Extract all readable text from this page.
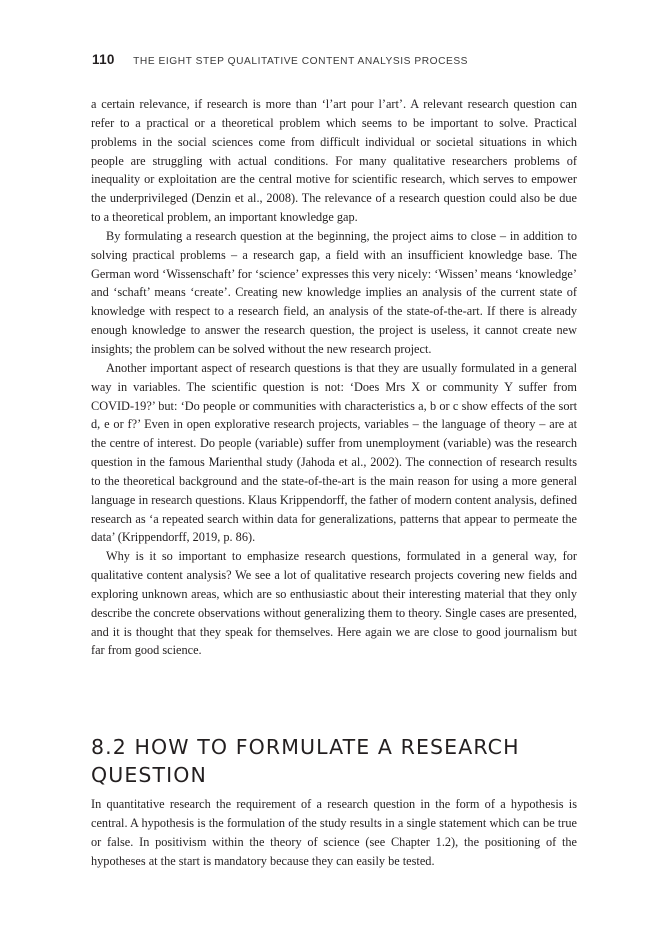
110 THE EIGHT STEP QUALITATIVE CONTENT ANALYSIS PROCESS

a certain relevance, if research is more than ‘l’art pour l’art’. A relevant research question can refer to a practical or a theoretical problem which seems to be important to solve. Practical problems in the social sciences come from difficult individual or societal situations in which people are struggling with actual conditions. For many qualitative researchers problems of inequality or exploitation are the central motive for scientific research, which serves to empower the underprivileged (Denzin et al., 2008). The relevance of a research question could also be due to a theoretical problem, an important knowledge gap.

By formulating a research question at the beginning, the project aims to close – in addition to solving practical problems – a research gap, a field with an insufficient knowledge base. The German word ‘Wissenschaft’ for ‘science’ expresses this very nicely: ‘Wissen’ means ‘knowledge’ and ‘schaft’ means ‘create’. Creating new knowledge implies an analysis of the current state of knowledge with respect to a research field, an analysis of the state-of-the-art. If there is already enough knowledge to answer the research question, the project is useless, it cannot create new insights; the problem can be solved without the new research project.

Another important aspect of research questions is that they are usually formulated in a general way in variables. The scientific question is not: ‘Does Mrs X or community Y suffer from COVID-19?’ but: ‘Do people or communities with characteristics a, b or c show effects of the sort d, e or f?’ Even in open explorative research projects, variables – the language of theory – are at the centre of interest. Do people (variable) suffer from unemployment (variable) was the research question in the famous Marienthal study (Jahoda et al., 2002). The connection of research results to the theoretical background and the state-of-the-art is the main reason for using a more general language in research questions. Klaus Krippendorff, the father of modern content analysis, defined research as ‘a repeated search within data for generalizations, patterns that appear to permeate the data’ (Krippendorff, 2019, p. 86).

Why is it so important to emphasize research questions, formulated in a general way, for qualitative content analysis? We see a lot of qualitative research projects covering new fields and exploring unknown areas, which are so enthusiastic about their interesting material that they only describe the concrete observations without generalizing them to theory. Single cases are presented, and it is thought that they speak for themselves. Here again we are close to good journalism but far from good science.

8.2 HOW TO FORMULATE A RESEARCH QUESTION

In quantitative research the requirement of a research question in the form of a hypothesis is central. A hypothesis is the formulation of the study results in a single statement which can be true or false. In positivism within the theory of science (see Chapter 1.2), the positioning of the hypotheses at the start is mandatory because they can easily be tested.
